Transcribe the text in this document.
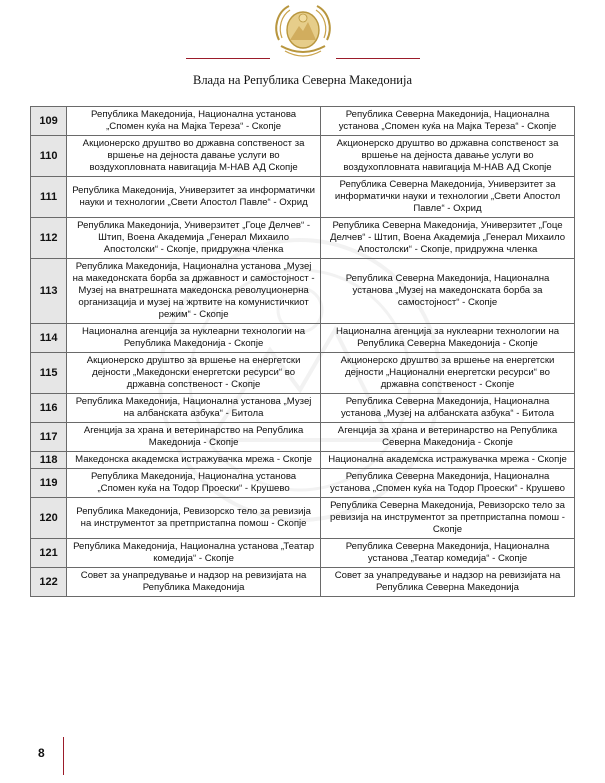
Влада на Република Северна Македонија
109	Република Македонија, Национална установа „Спомен куќа на Мајка Тереза“ - Скопје	Република Северна Македонија, Национална установа „Спомен куќа на Мајка Тереза“ - Скопје
110	Акционерско друштво во државна сопственост за вршење на дејноста давање услуги во воздухопловната навигација М-НАВ АД Скопје	Акционерско друштво во државна сопственост за вршење на дејноста давање услуги во воздухопловната навигација М-НАВ АД Скопје
111	Република Македонија, Универзитет за информатички науки и технологии „Свети Апостол Павле“ - Охрид	Република Северна Македонија, Универзитет за информатички науки и технологии „Свети Апостол Павле“ - Охрид
112	Република Македонија, Универзитет „Гоце Делчев“ - Штип, Воена Академија „Генерал Михаило Апостолски“ - Скопје, придружна членка	Република Северна Македонија, Универзитет „Гоце Делчев“ - Штип, Воена Академија „Генерал Михаило Апостолски“ - Скопје, придружна членка
113	Република Македонија, Национална установа „Музеј на македонската борба за државност и самостојност - Музеј на внатрешната македонска револуционерна организација и музеј на жртвите на комунистичкиот режим“ - Скопје	Република Северна Македонија, Национална установа „Музеј на македонската борба за самостојност“ - Скопје
114	Национална агенција за нуклеарни технологии на Република Македонија - Скопје	Национална агенција за нуклеарни технологии на Република Северна Македонија - Скопје
115	Акционерско друштво за вршење на енергетски дејности „Македонски енергетски ресурси“ во државна сопственост - Скопје	Акционерско друштво за вршење на енергетски дејности „Национални енергетски ресурси“ во државна сопственост - Скопје
116	Република Македонија, Национална установа „Музеј на албанската азбука“ - Битола	Република Северна Македонија, Национална установа „Музеј на албанската азбука“ - Битола
117	Агенција за храна и ветеринарство на Република Македонија - Скопје	Агенција за храна и ветеринарство на Република Северна Македонија - Скопје
118	Македонска академска истражувачка мрежа - Скопје	Национална академска истражувачка мрежа - Скопје
119	Република Македонија, Национална установа „Спомен куќа на Тодор Проески“ - Крушево	Република Северна Македонија, Национална установа „Спомен куќа на Тодор Проески“ - Крушево
120	Република Македонија, Ревизорско тело за ревизија на инструментот за претпристапна помош - Скопје	Република Северна Македонија, Ревизорско тело за ревизија на инструментот за претпристапна помош - Скопје
121	Република Македонија, Национална установа „Театар комедија“ - Скопје	Република Северна Македонија, Национална установа „Театар комедија“ - Скопје
122	Совет за унапредување и надзор на ревизијата на Република Македонија	Совет за унапредување и надзор на ревизијата на Република Северна Македонија
8
